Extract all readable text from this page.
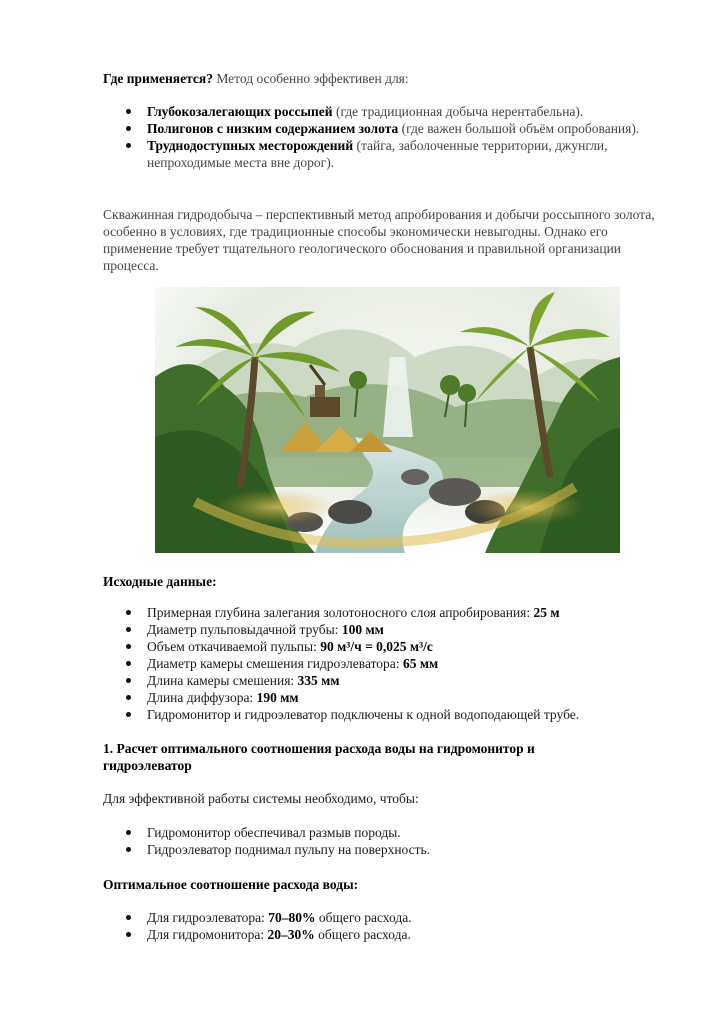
Где применяется? Метод особенно эффективен для:
Глубокозалегающих россыпей (где традиционная добыча нерентабельна).
Полигонов с низким содержанием золота (где важен большой объём опробования).
Труднодоступных месторождений (тайга, заболоченные территории, джунгли, непроходимые места вне дорог).

Скважинная гидродобыча – перспективный метод апробирования и добычи россыпного золота, особенно в условиях, где традиционные способы экономически невыгодны. Однако его применение требует тщательного геологического обоснования и правильной организации процесса.

Исходные данные:
Примерная глубина залегания золотоносного слоя апробирования: 25 м
Диаметр пульповыдачной трубы: 100 мм
Объем откачиваемой пульпы: 90 м³/ч = 0,025 м³/с
Диаметр камеры смешения гидроэлеватора: 65 мм
Длина камеры смешения: 335 мм
Длина диффузора: 190 мм
Гидромонитор и гидроэлеватор подключены к одной водоподающей трубе.
1. Расчет оптимального соотношения расхода воды на гидромонитор и гидроэлеватор
Для эффективной работы системы необходимо, чтобы:
Гидромонитор обеспечивал размыв породы.
Гидроэлеватор поднимал пульпу на поверхность.
Оптимальное соотношение расхода воды:
Для гидроэлеватора: 70–80% общего расхода.
Для гидромонитора: 20–30% общего расхода.
